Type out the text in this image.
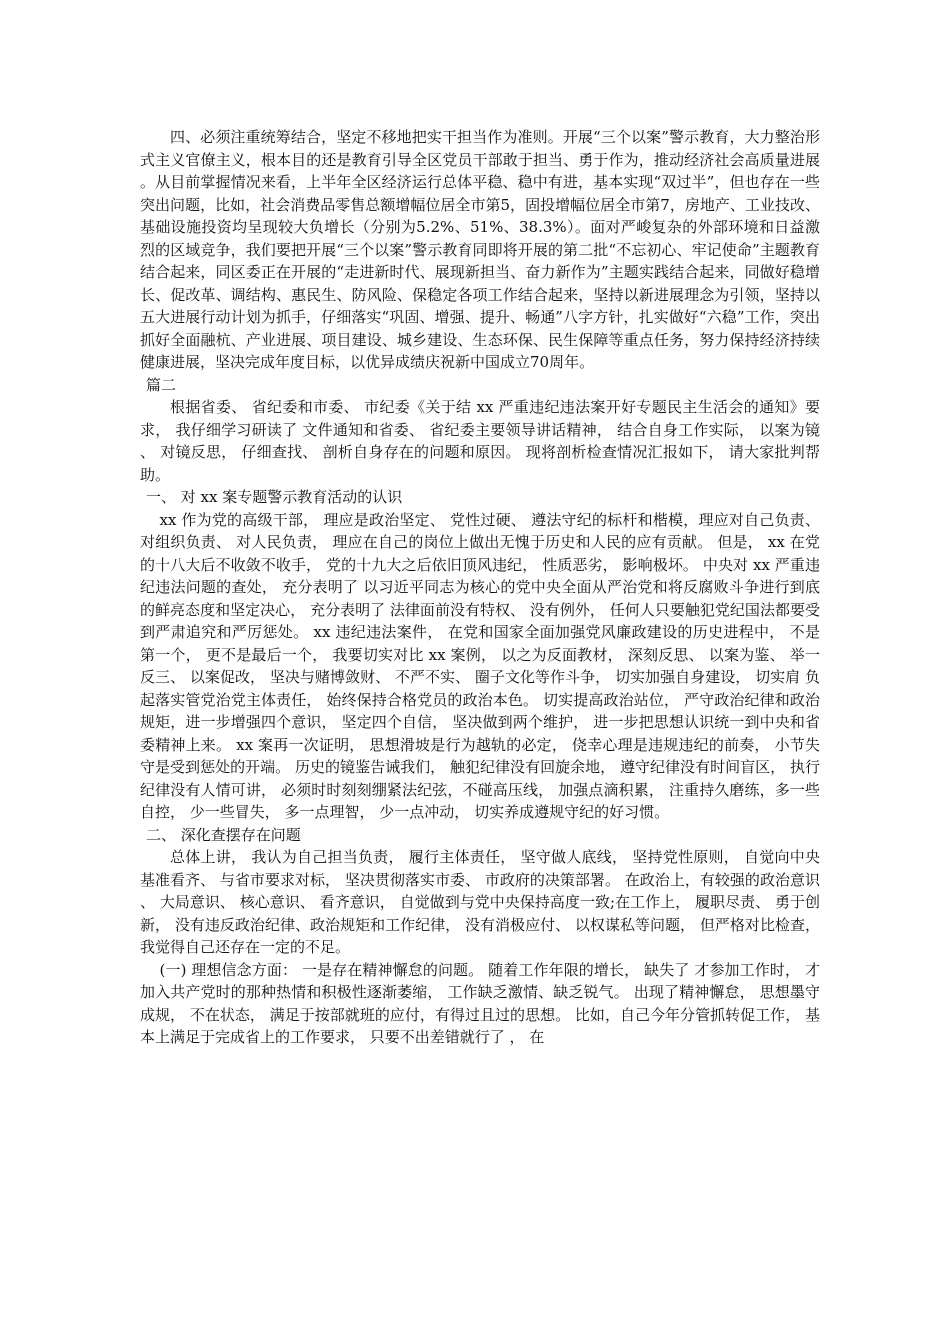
四、必须注重统筹结合，坚定不移地把实干担当作为准则。开展“三个以案”警示教育，大力整治形式主义官僚主义，根本目的还是教育引导全区党员干部敢于担当、勇于作为，推动经济社会高质量进展。从目前掌握情况来看，上半年全区经济运行总体平稳、稳中有进，基本实现“双过半”，但也存在一些突出问题，比如，社会消费品零售总额增幅位居全市第5，固投增幅位居全市第7，房地产、工业技改、基础设施投资均呈现较大负增长（分别为5.2%、51%、38.3%）。面对严峻复杂的外部环境和日益激烈的区域竞争，我们要把开展“三个以案”警示教育同即将开展的第二批“不忘初心、牢记使命”主题教育结合起来，同区委正在开展的“走进新时代、展现新担当、奋力新作为”主题实践结合起来，同做好稳增长、促改革、调结构、惠民生、防风险、保稳定各项工作结合起来，坚持以新进展理念为引领，坚持以五大进展行动计划为抓手，仔细落实“巩固、增强、提升、畅通”八字方针，扎实做好“六稳”工作，突出抓好全面融杭、产业进展、项目建设、城乡建设、生态环保、民生保障等重点任务，努力保持经济持续健康进展，坚决完成年度目标，以优异成绩庆祝新中国成立70周年。

篇二

根据省委、 省纪委和市委、 市纪委《关于结 xx 严重违纪违法案开好专题民主生活会的通知》要求， 我仔细学习研读了 文件通知和省委、 省纪委主要领导讲话精神， 结合自身工作实际， 以案为镜、 对镜反思， 仔细查找、 剖析自身存在的问题和原因。 现将剖析检查情况汇报如下， 请大家批判帮助。

一、 对 xx 案专题警示教育活动的认识

xx 作为党的高级干部， 理应是政治坚定、 党性过硬、 遵法守纪的标杆和楷模，理应对自己负责、 对组织负责、 对人民负责， 理应在自己的岗位上做出无愧于历史和人民的应有贡献。 但是， xx 在党的十八大后不收敛不收手， 党的十九大之后依旧顶风违纪， 性质恶劣， 影响极坏。 中央对 xx 严重违纪违法问题的查处， 充分表明了 以习近平同志为核心的党中央全面从严治党和将反腐败斗争进行到底的鲜亮态度和坚定决心， 充分表明了 法律面前没有特权、 没有例外， 任何人只要触犯党纪国法都要受到严肃追究和严厉惩处。 xx 违纪违法案件， 在党和国家全面加强党风廉政建设的历史进程中， 不是第一个， 更不是最后一个， 我要切实对比 xx 案例， 以之为反面教材， 深刻反思、 以案为鉴、 举一反三、 以案促改， 坚决与赌博敛财、 不严不实、 圈子文化等作斗争， 切实加强自身建设， 切实肩 负起落实管党治党主体责任， 始终保持合格党员的政治本色。 切实提高政治站位， 严守政治纪律和政治规矩，进一步增强四个意识， 坚定四个自信， 坚决做到两个维护， 进一步把思想认识统一到中央和省委精神上来。 xx 案再一次证明， 思想滑坡是行为越轨的必定， 侥幸心理是违规违纪的前奏， 小节失守是受到惩处的开端。 历史的镜鉴告诫我们， 触犯纪律没有回旋余地， 遵守纪律没有时间盲区， 执行纪律没有人情可讲， 必须时时刻刻绷紧法纪弦，不碰高压线， 加强点滴积累， 注重持久磨练，多一些自控， 少一些冒失， 多一点理智， 少一点冲动， 切实养成遵规守纪的好习惯。

二、 深化查摆存在问题

总体上讲， 我认为自己担当负责， 履行主体责任， 坚守做人底线， 坚持党性原则， 自觉向中央基准看齐、 与省市要求对标， 坚决贯彻落实市委、 市政府的决策部署。 在政治上，有较强的政治意识、 大局意识、 核心意识、 看齐意识， 自觉做到与党中央保持高度一致;在工作上， 履职尽责、 勇于创新， 没有违反政治纪律、政治规矩和工作纪律， 没有消极应付、 以权谋私等问题， 但严格对比检查， 我觉得自己还存在一定的不足。

(一) 理想信念方面： 一是存在精神懈怠的问题。 随着工作年限的增长， 缺失了 才参加工作时， 才加入共产党时的那种热情和积极性逐渐萎缩， 工作缺乏激情、缺乏锐气。 出现了精神懈怠， 思想墨守成规， 不在状态， 满足于按部就班的应付，有得过且过的思想。 比如，自己今年分管抓转促工作， 基本上满足于完成省上的工作要求， 只要不出差错就行了 ， 在
